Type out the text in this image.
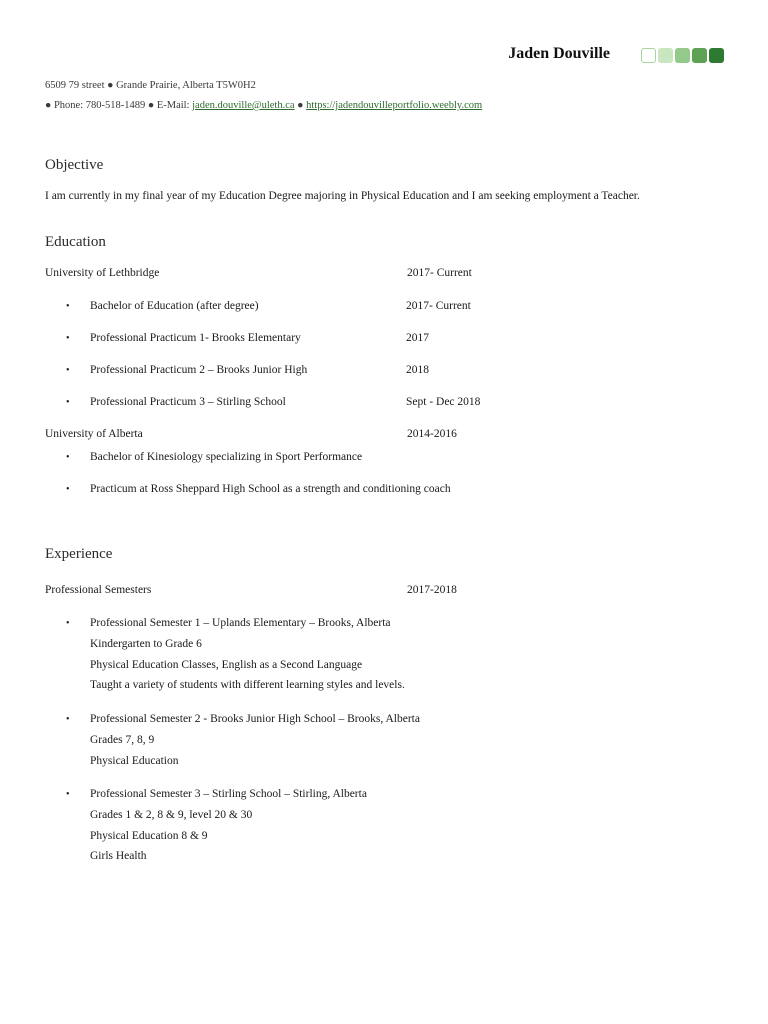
Jaden Douville
6509 79 street ● Grande Prairie, Alberta T5W0H2
● Phone: 780-518-1489 ● E-Mail: jaden.douville@uleth.ca ● https://jadendouvilleportfolio.weebly.com
Objective
I am currently in my final year of my Education Degree majoring in Physical Education and I am seeking employment a Teacher.
Education
University of Lethbridge	2017- Current
• Bachelor of Education (after degree)	2017- Current
• Professional Practicum 1- Brooks Elementary	2017
• Professional Practicum 2 – Brooks Junior High	2018
• Professional Practicum 3 – Stirling School	Sept - Dec 2018
University of Alberta	2014-2016
• Bachelor of Kinesiology specializing in Sport Performance
• Practicum at Ross Sheppard High School as a strength and conditioning coach
Experience
Professional Semesters	2017-2018
• Professional Semester 1 – Uplands Elementary – Brooks, Alberta
Kindergarten to Grade 6
Physical Education Classes, English as a Second Language
Taught a variety of students with different learning styles and levels.
• Professional Semester 2 - Brooks Junior High School – Brooks, Alberta
Grades 7, 8, 9
Physical Education
• Professional Semester 3 – Stirling School – Stirling, Alberta
Grades 1 & 2, 8 & 9, level 20 & 30
Physical Education 8 & 9
Girls Health
